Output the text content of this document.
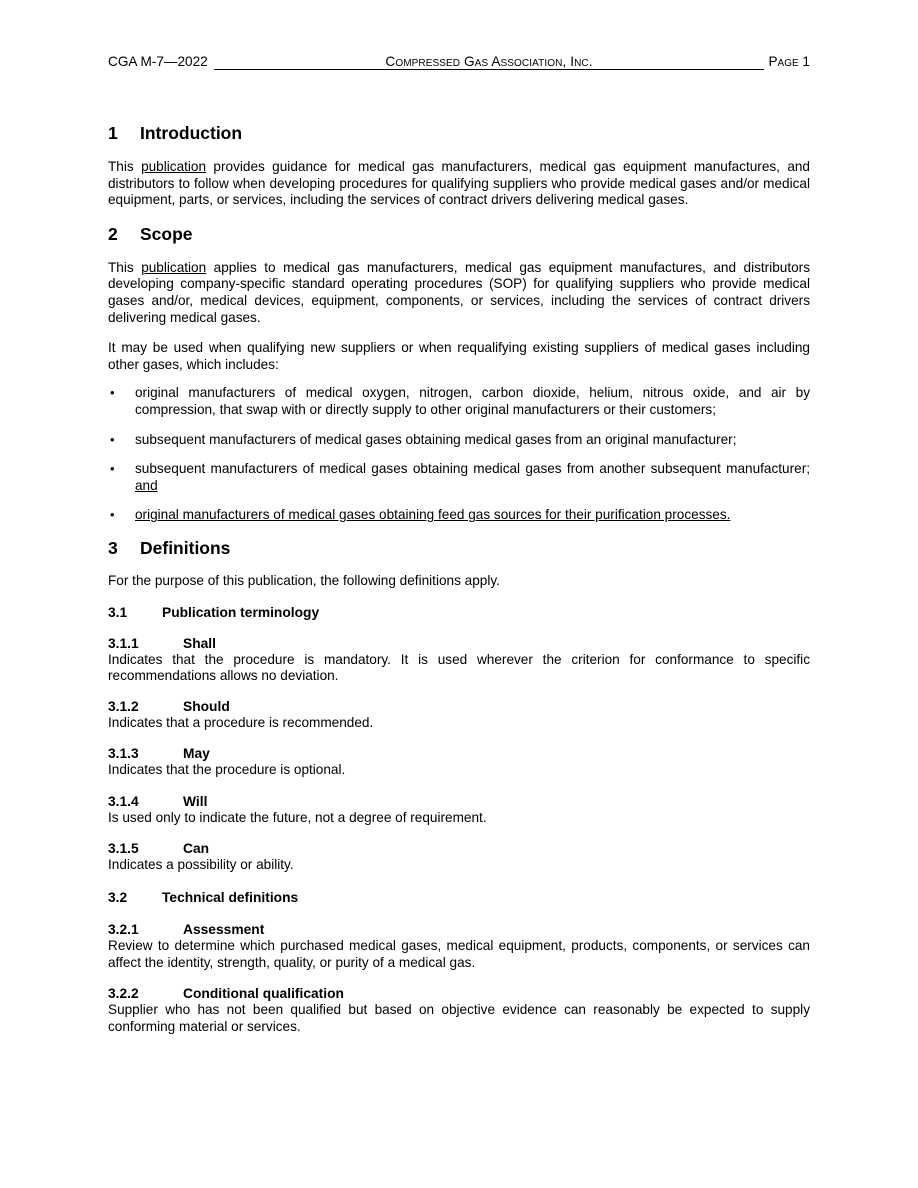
CGA M-7—2022	Compressed Gas Association, Inc.	Page 1
1	Introduction

This publication provides guidance for medical gas manufacturers, medical gas equipment manufactures, and distributors to follow when developing procedures for qualifying suppliers who provide medical gases and/or medical equipment, parts, or services, including the services of contract drivers delivering medical gases.

2	Scope

This publication applies to medical gas manufacturers, medical gas equipment manufactures, and distributors developing company-specific standard operating procedures (SOP) for qualifying suppliers who provide medical gases and/or, medical devices, equipment, components, or services, including the services of contract drivers delivering medical gases.

It may be used when qualifying new suppliers or when requalifying existing suppliers of medical gases including other gases, which includes:

• original manufacturers of medical oxygen, nitrogen, carbon dioxide, helium, nitrous oxide, and air by compression, that swap with or directly supply to other original manufacturers or their customers;
• subsequent manufacturers of medical gases obtaining medical gases from an original manufacturer;
• subsequent manufacturers of medical gases obtaining medical gases from another subsequent manufacturer; and
• original manufacturers of medical gases obtaining feed gas sources for their purification processes.
3	Definitions

For the purpose of this publication, the following definitions apply.

3.1	Publication terminology
3.1.1	Shall
Indicates that the procedure is mandatory. It is used wherever the criterion for conformance to specific recommendations allows no deviation.
3.1.2	Should
Indicates that a procedure is recommended.
3.1.3	May
Indicates that the procedure is optional.
3.1.4	Will
Is used only to indicate the future, not a degree of requirement.
3.1.5	Can
Indicates a possibility or ability.
3.2	Technical definitions
3.2.1	Assessment
Review to determine which purchased medical gases, medical equipment, products, components, or services can affect the identity, strength, quality, or purity of a medical gas.
3.2.2	Conditional qualification
Supplier who has not been qualified but based on objective evidence can reasonably be expected to supply conforming material or services.
